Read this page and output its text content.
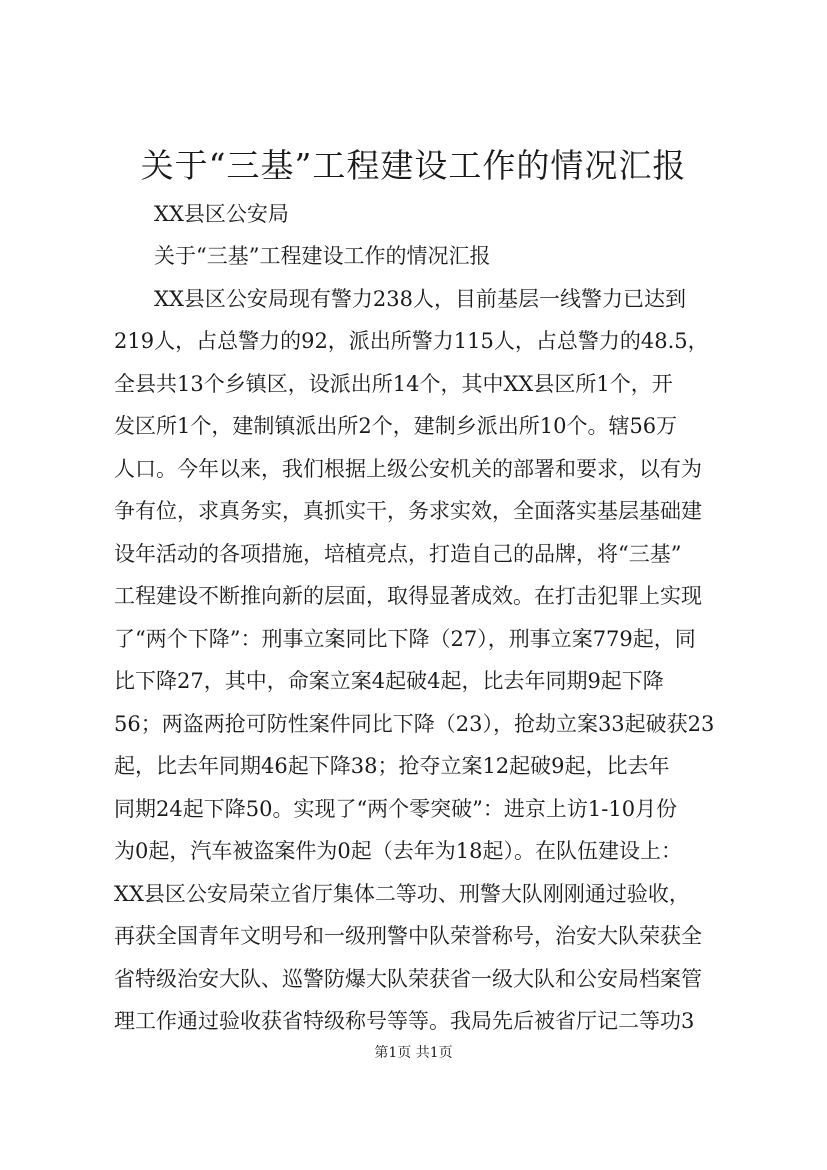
关于“三基”工程建设工作的情况汇报

XX县区公安局

关于“三基”工程建设工作的情况汇报

XX县区公安局现有警力238人，目前基层一线警力已达到

219人，占总警力的92，派出所警力115人，占总警力的48.5，

全县共13个乡镇区，设派出所14个，其中XX县区所1个，开

发区所1个，建制镇派出所2个，建制乡派出所10个。辖56万

人口。今年以来，我们根据上级公安机关的部署和要求，以有为

争有位，求真务实，真抓实干，务求实效，全面落实基层基础建

设年活动的各项措施，培植亮点，打造自己的品牌，将“三基”

工程建设不断推向新的层面，取得显著成效。在打击犯罪上实现

了“两个下降”：刑事立案同比下降（27），刑事立案779起，同

比下降27，其中，命案立案4起破4起，比去年同期9起下降

56；两盗两抢可防性案件同比下降（23），抢劫立案33起破获23

起，比去年同期46起下降38；抢夺立案12起破9起，比去年

同期24起下降50。实现了“两个零突破”：进京上访1-10月份

为0起，汽车被盗案件为0起（去年为18起）。在队伍建设上：

XX县区公安局荣立省厅集体二等功、刑警大队刚刚通过验收，

再获全国青年文明号和一级刑警中队荣誉称号，治安大队荣获全

省特级治安大队、巡警防爆大队荣获省一级大队和公安局档案管

理工作通过验收获省特级称号等等。我局先后被省厅记二等功3

第1页 共1页
